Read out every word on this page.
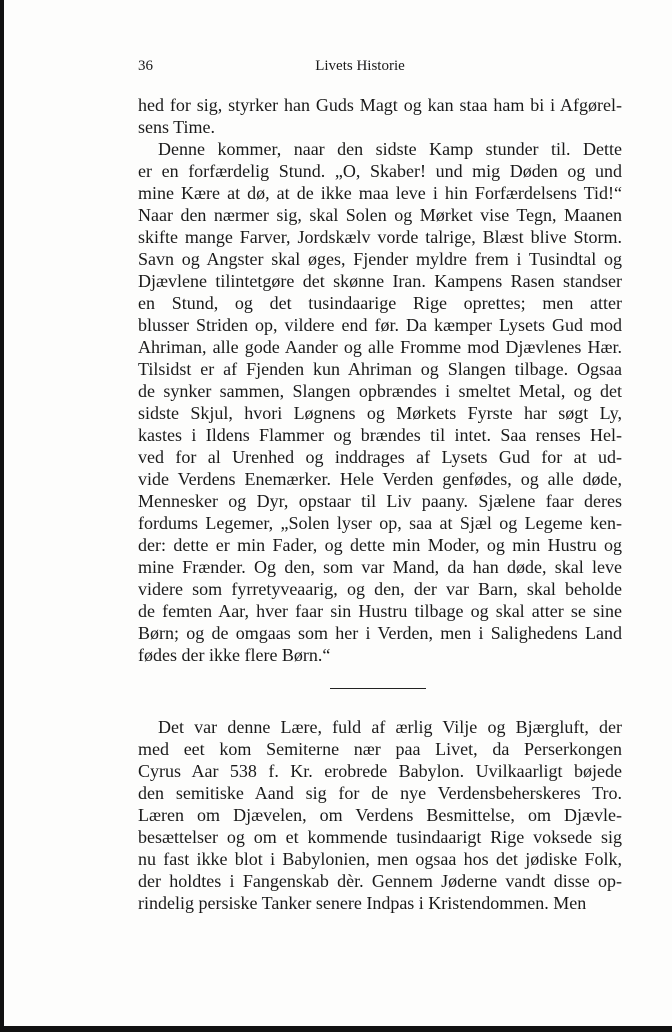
36	Livets Historie
hed for sig, styrker han Guds Magt og kan staa ham bi i Afgørel-
sens Time.
Denne kommer, naar den sidste Kamp stunder til. Dette
er en forfærdelig Stund. „O, Skaber! und mig Døden og und
mine Kære at dø, at de ikke maa leve i hin Forfærdelsens Tid!“
Naar den nærmer sig, skal Solen og Mørket vise Tegn, Maanen
skifte mange Farver, Jordskælv vorde talrige, Blæst blive Storm.
Savn og Angster skal øges, Fjender myldre frem i Tusindtal og
Djævlene tilintetgøre det skønne Iran. Kampens Rasen standser
en Stund, og det tusindaarige Rige oprettes; men atter
blusser Striden op, vildere end før. Da kæmper Lysets Gud mod
Ahriman, alle gode Aander og alle Fromme mod Djævlenes Hær.
Tilsidst er af Fjenden kun Ahriman og Slangen tilbage. Ogsaa
de synker sammen, Slangen opbrændes i smeltet Metal, og det
sidste Skjul, hvori Løgnens og Mørkets Fyrste har søgt Ly,
kastes i Ildens Flammer og brændes til intet. Saa renses Hel-
ved for al Urenhed og inddrages af Lysets Gud for at ud-
vide Verdens Enemærker. Hele Verden genfødes, og alle døde,
Mennesker og Dyr, opstaar til Liv paany. Sjælene faar deres
fordums Legemer, „Solen lyser op, saa at Sjæl og Legeme ken-
der: dette er min Fader, og dette min Moder, og min Hustru og
mine Frænder. Og den, som var Mand, da han døde, skal leve
videre som fyrretyveaarig, og den, der var Barn, skal beholde
de femten Aar, hver faar sin Hustru tilbage og skal atter se sine
Børn; og de omgaas som her i Verden, men i Salighedens Land
fødes der ikke flere Børn.“
Det var denne Lære, fuld af ærlig Vilje og Bjærgluft, der
med eet kom Semiterne nær paa Livet, da Perserkongen
Cyrus Aar 538 f. Kr. erobrede Babylon. Uvilkaarligt bøjede
den semitiske Aand sig for de nye Verdensbeherskeres Tro.
Læren om Djævelen, om Verdens Besmittelse, om Djævle-
besættelser og om et kommende tusindaarigt Rige voksede sig
nu fast ikke blot i Babylonien, men ogsaa hos det jødiske Folk,
der holdtes i Fangenskab dèr. Gennem Jøderne vandt disse op-
rindelig persiske Tanker senere Indpas i Kristendommen. Men
